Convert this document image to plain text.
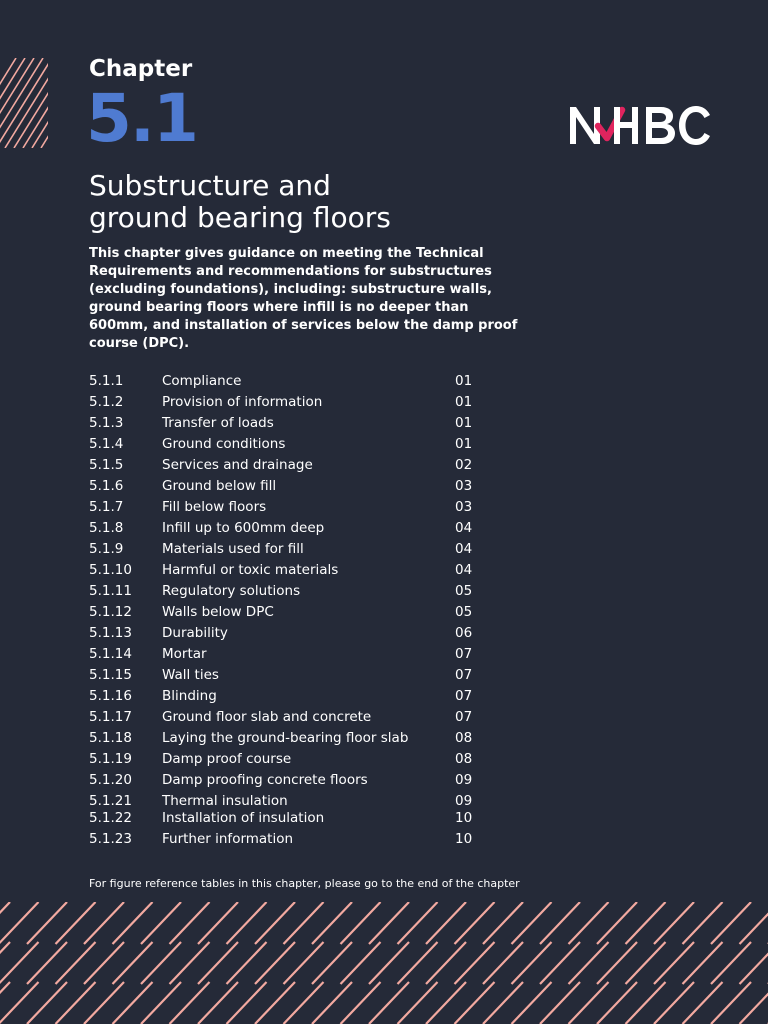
Chapter
5.1
Substructure and
ground bearing floors

This chapter gives guidance on meeting the Technical Requirements and recommendations for substructures (excluding foundations), including: substructure walls, ground bearing floors where infill is no deeper than 600mm, and installation of services below the damp proof course (DPC).

5.1.1	Compliance	01
5.1.2	Provision of information	01
5.1.3	Transfer of loads	01
5.1.4	Ground conditions	01
5.1.5	Services and drainage	02
5.1.6	Ground below fill	03
5.1.7	Fill below floors	03
5.1.8	Infill up to 600mm deep	04
5.1.9	Materials used for fill	04
5.1.10 Harmful or toxic materials	04
5.1.11 Regulatory solutions	05
5.1.12 Walls below DPC	05
5.1.13 Durability	06
5.1.14 Mortar	07
5.1.15 Wall ties	07
5.1.16 Blinding	07
5.1.17 Ground floor slab and concrete	07
5.1.18 Laying the ground-bearing floor slab	08
5.1.19 Damp proof course	08
5.1.20 Damp proofing concrete floors	09
5.1.21 Thermal insulation	09
5.1.22 Installation of insulation	10
5.1.23 Further information	10

For figure reference tables in this chapter, please go to the end of the chapter
